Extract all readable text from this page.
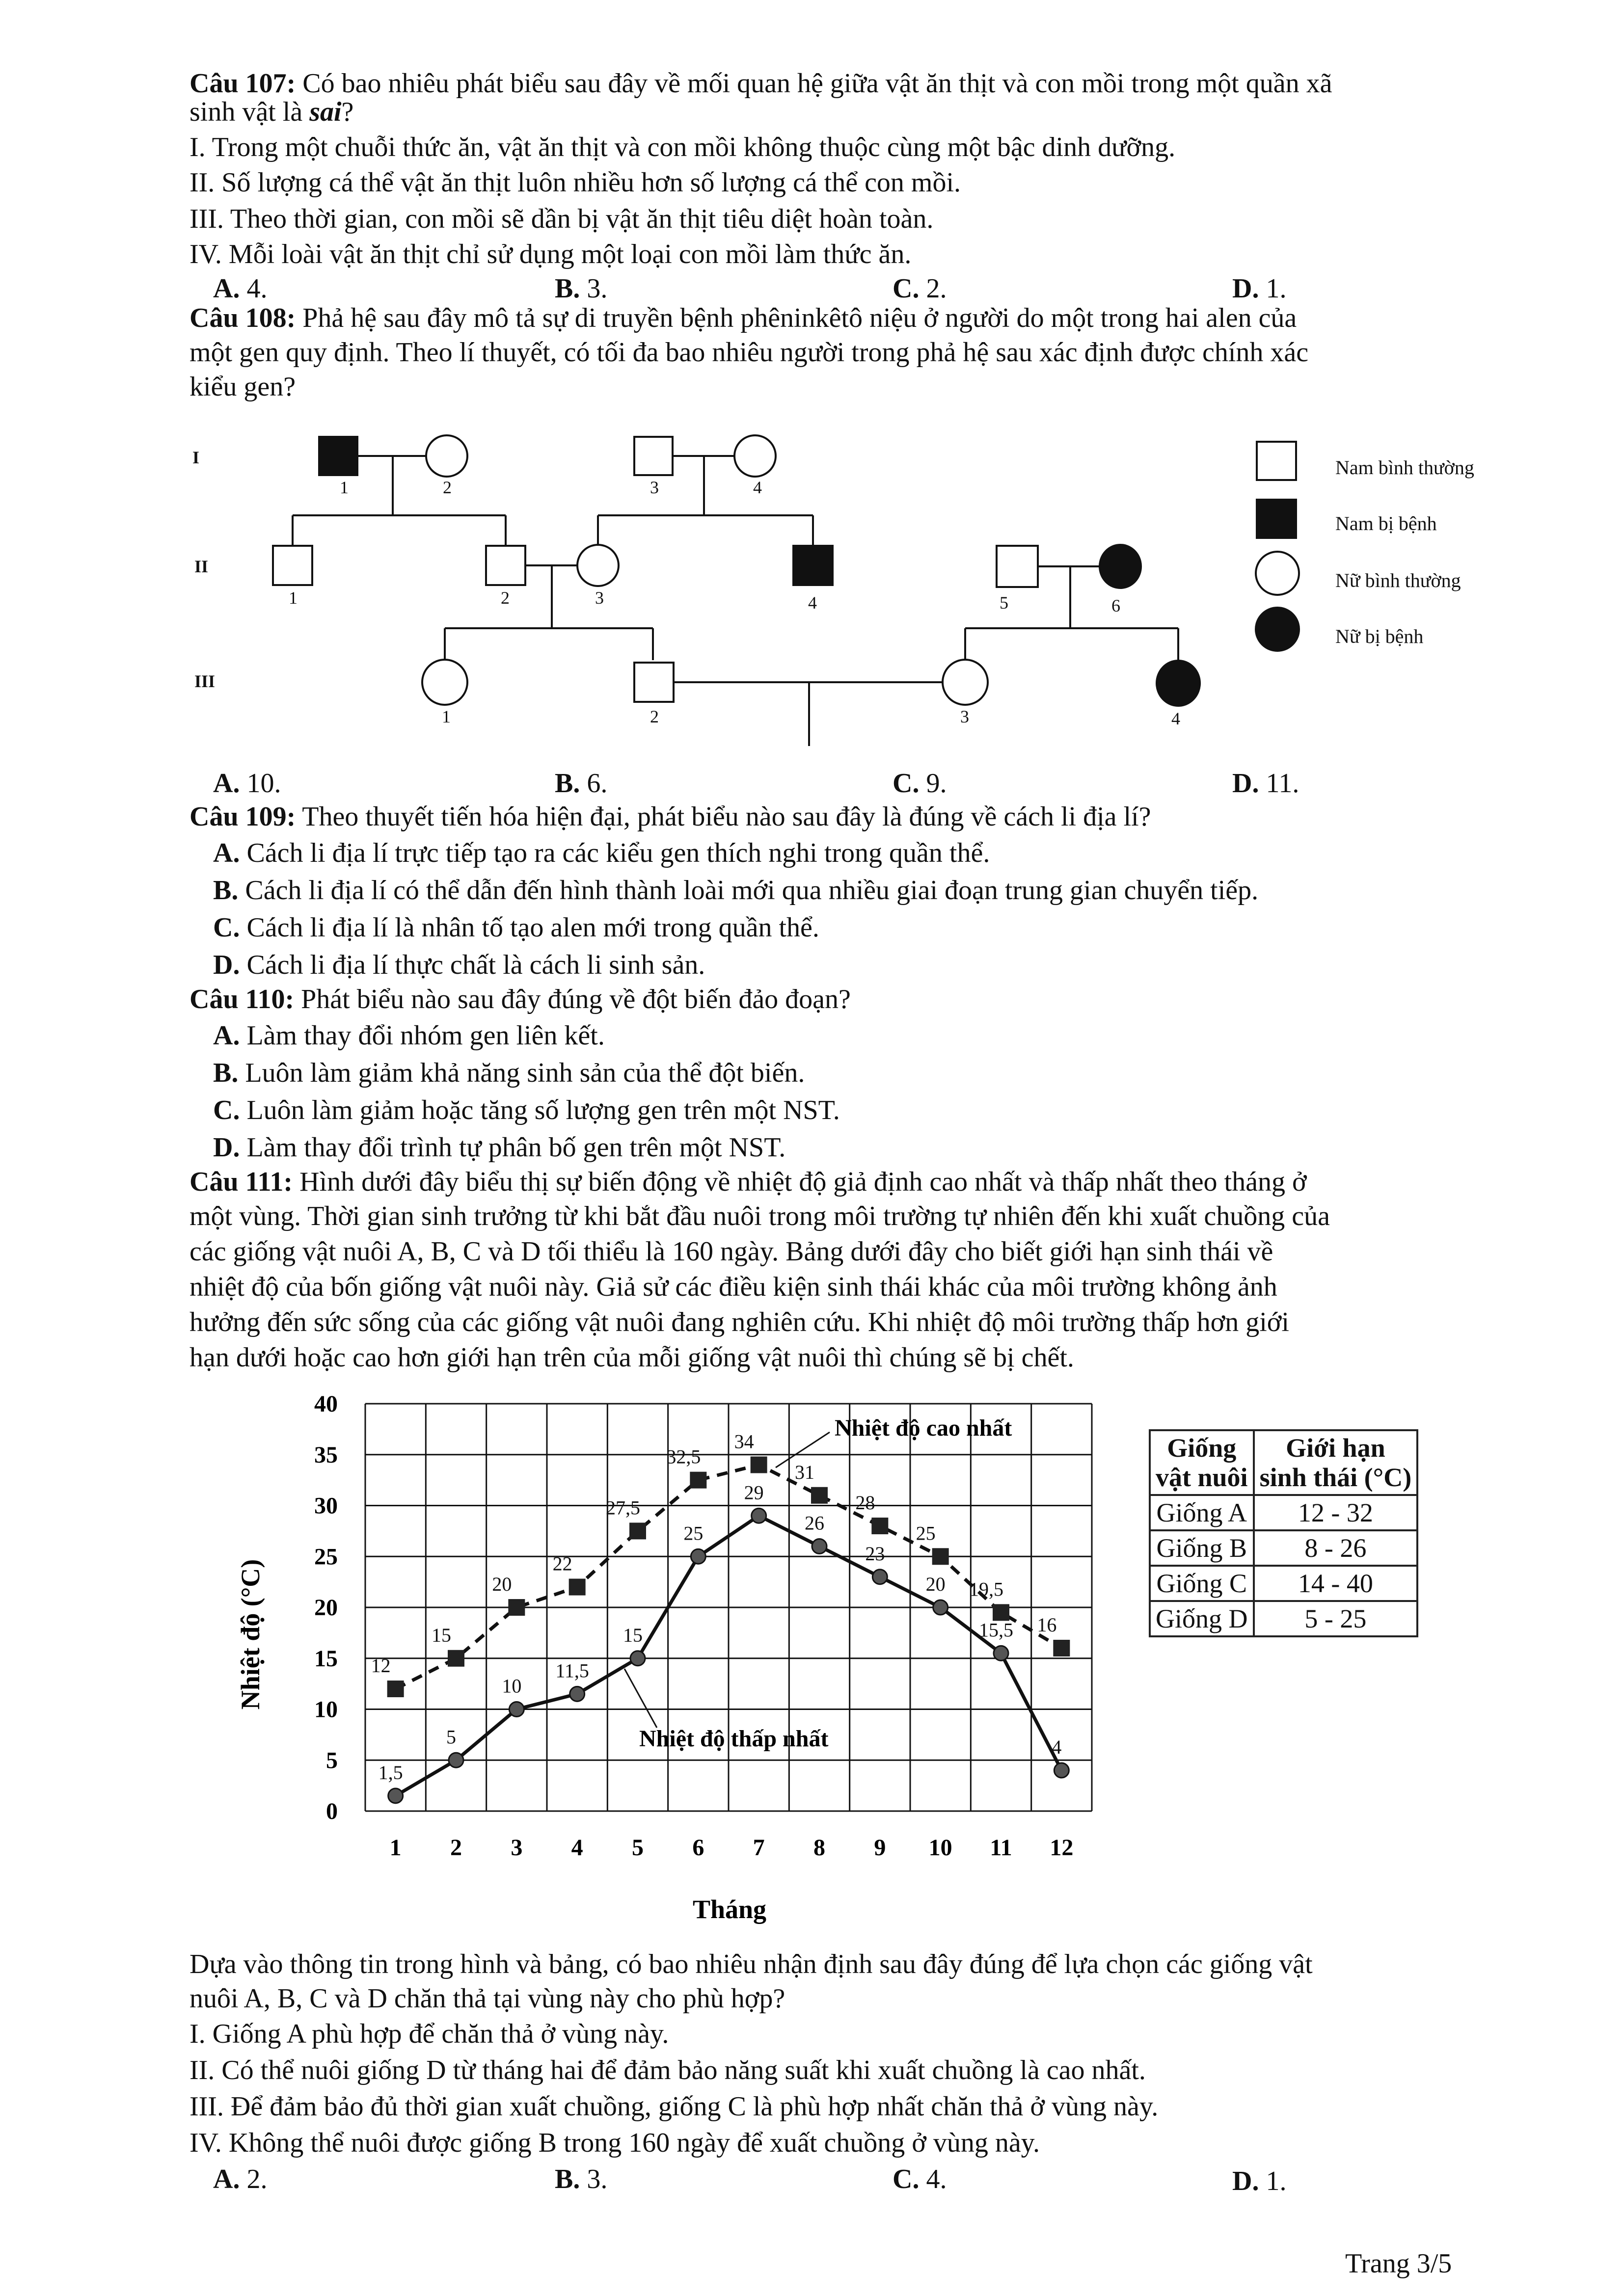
Câu 107: Có bao nhiêu phát biểu sau đây về mối quan hệ giữa vật ăn thịt và con mồi trong một quần xã
sinh vật là sai?
I. Trong một chuỗi thức ăn, vật ăn thịt và con mồi không thuộc cùng một bậc dinh dưỡng.
II. Số lượng cá thể vật ăn thịt luôn nhiều hơn số lượng cá thể con mồi.
III. Theo thời gian, con mồi sẽ dần bị vật ăn thịt tiêu diệt hoàn toàn.
IV. Mỗi loài vật ăn thịt chỉ sử dụng một loại con mồi làm thức ăn.
A. 4.	B. 3.	C. 2.	D. 1.
Câu 108: Phả hệ sau đây mô tả sự di truyền bệnh phêninkêtô niệu ở người do một trong hai alen của
một gen quy định. Theo lí thuyết, có tối đa bao nhiêu người trong phả hệ sau xác định được chính xác
kiểu gen?
I
II
III
1	2	3	4
1	2	3	4	5	6
1	2	3	4
Nam bình thường
Nam bị bệnh
Nữ bình thường
Nữ bị bệnh
A. 10.	B. 6.	C. 9.	D. 11.
Câu 109: Theo thuyết tiến hóa hiện đại, phát biểu nào sau đây là đúng về cách li địa lí?
A. Cách li địa lí trực tiếp tạo ra các kiểu gen thích nghi trong quần thể.
B. Cách li địa lí có thể dẫn đến hình thành loài mới qua nhiều giai đoạn trung gian chuyển tiếp.
C. Cách li địa lí là nhân tố tạo alen mới trong quần thể.
D. Cách li địa lí thực chất là cách li sinh sản.
Câu 110: Phát biểu nào sau đây đúng về đột biến đảo đoạn?
A. Làm thay đổi nhóm gen liên kết.
B. Luôn làm giảm khả năng sinh sản của thể đột biến.
C. Luôn làm giảm hoặc tăng số lượng gen trên một NST.
D. Làm thay đổi trình tự phân bố gen trên một NST.
Câu 111: Hình dưới đây biểu thị sự biến động về nhiệt độ giả định cao nhất và thấp nhất theo tháng ở
một vùng. Thời gian sinh trưởng từ khi bắt đầu nuôi trong môi trường tự nhiên đến khi xuất chuồng của
các giống vật nuôi A, B, C và D tối thiểu là 160 ngày. Bảng dưới đây cho biết giới hạn sinh thái về
nhiệt độ của bốn giống vật nuôi này. Giả sử các điều kiện sinh thái khác của môi trường không ảnh
hưởng đến sức sống của các giống vật nuôi đang nghiên cứu. Khi nhiệt độ môi trường thấp hơn giới
hạn dưới hoặc cao hơn giới hạn trên của mỗi giống vật nuôi thì chúng sẽ bị chết.
0
5
10
15
20
25
30
35
40
1 2 3 4 5 6 7 8 9 10 11 12
12
15
20
22
27,5
32,5
34
31
28
25
19,5
16
1,5
5
10
11,5
15
25
29
26
23
20
15,5
4
Nhiệt độ (°C)
Tháng
Nhiệt độ cao nhất
Nhiệt độ thấp nhất
Giống
vật nuôi	Giới hạn
sinh thái (°C)
Giống A	12 - 32
Giống B	8 - 26
Giống C	14 - 40
Giống D	5 - 25
Dựa vào thông tin trong hình và bảng, có bao nhiêu nhận định sau đây đúng để lựa chọn các giống vật
nuôi A, B, C và D chăn thả tại vùng này cho phù hợp?
I. Giống A phù hợp để chăn thả ở vùng này.
II. Có thể nuôi giống D từ tháng hai để đảm bảo năng suất khi xuất chuồng là cao nhất.
III. Để đảm bảo đủ thời gian xuất chuồng, giống C là phù hợp nhất chăn thả ở vùng này.
IV. Không thể nuôi được giống B trong 160 ngày để xuất chuồng ở vùng này.
A. 2.	B. 3.	C. 4.	D. 1.
Trang 3/5
